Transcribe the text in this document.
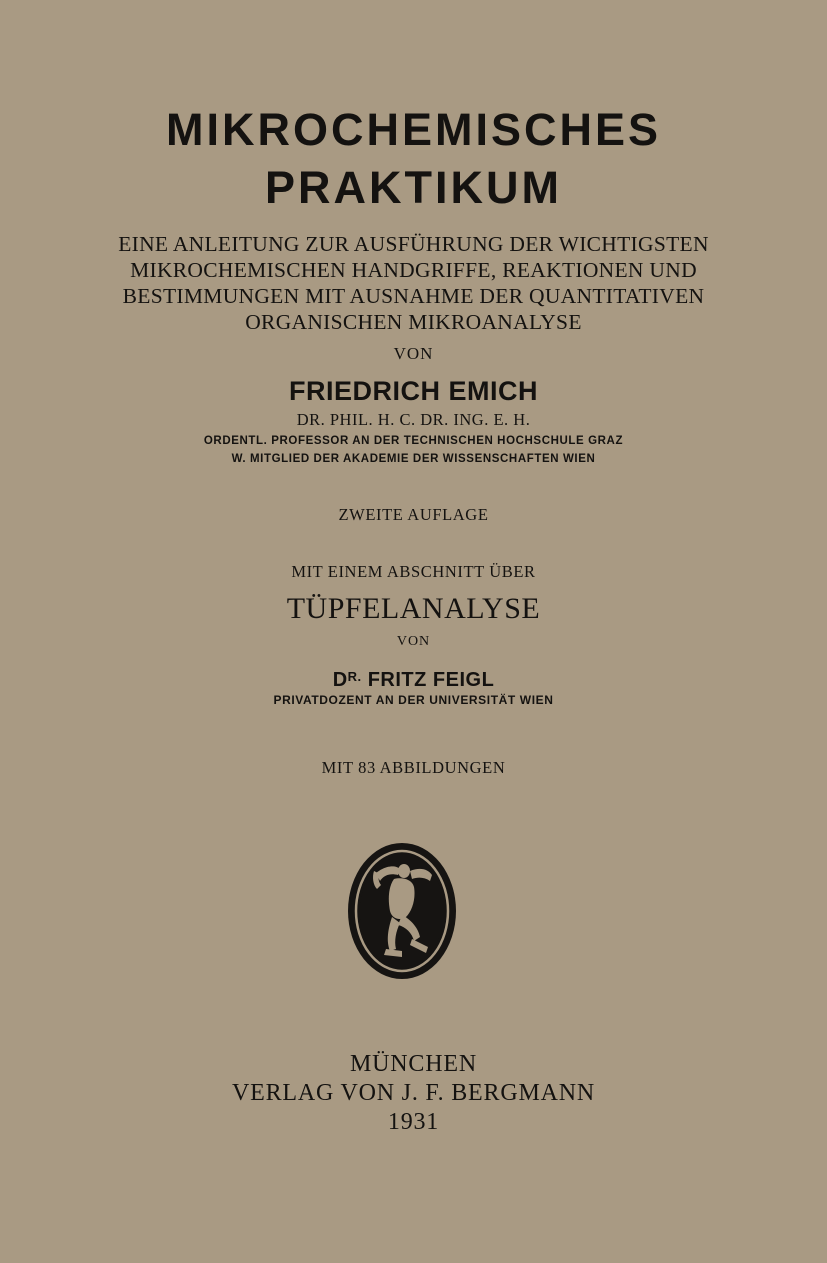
MIKROCHEMISCHES
PRAKTIKUM
EINE ANLEITUNG ZUR AUSFÜHRUNG DER WICHTIGSTEN
MIKROCHEMISCHEN HANDGRIFFE, REAKTIONEN UND
BESTIMMUNGEN MIT AUSNAHME DER QUANTITATIVEN
ORGANISCHEN MIKROANALYSE
VON
FRIEDRICH EMICH
DR. PHIL. H. C. DR. ING. E. H.
ORDENTL. PROFESSOR AN DER TECHNISCHEN HOCHSCHULE GRAZ
W. MITGLIED DER AKADEMIE DER WISSENSCHAFTEN WIEN
ZWEITE AUFLAGE
MIT EINEM ABSCHNITT ÜBER
TÜPFELANALYSE
VON
$D^{R.}$ FRITZ FEIGL
PRIVATDOZENT AN DER UNIVERSITÄT WIEN
MIT 83 ABBILDUNGEN
MÜNCHEN
VERLAG VON J. F. BERGMANN
1931
